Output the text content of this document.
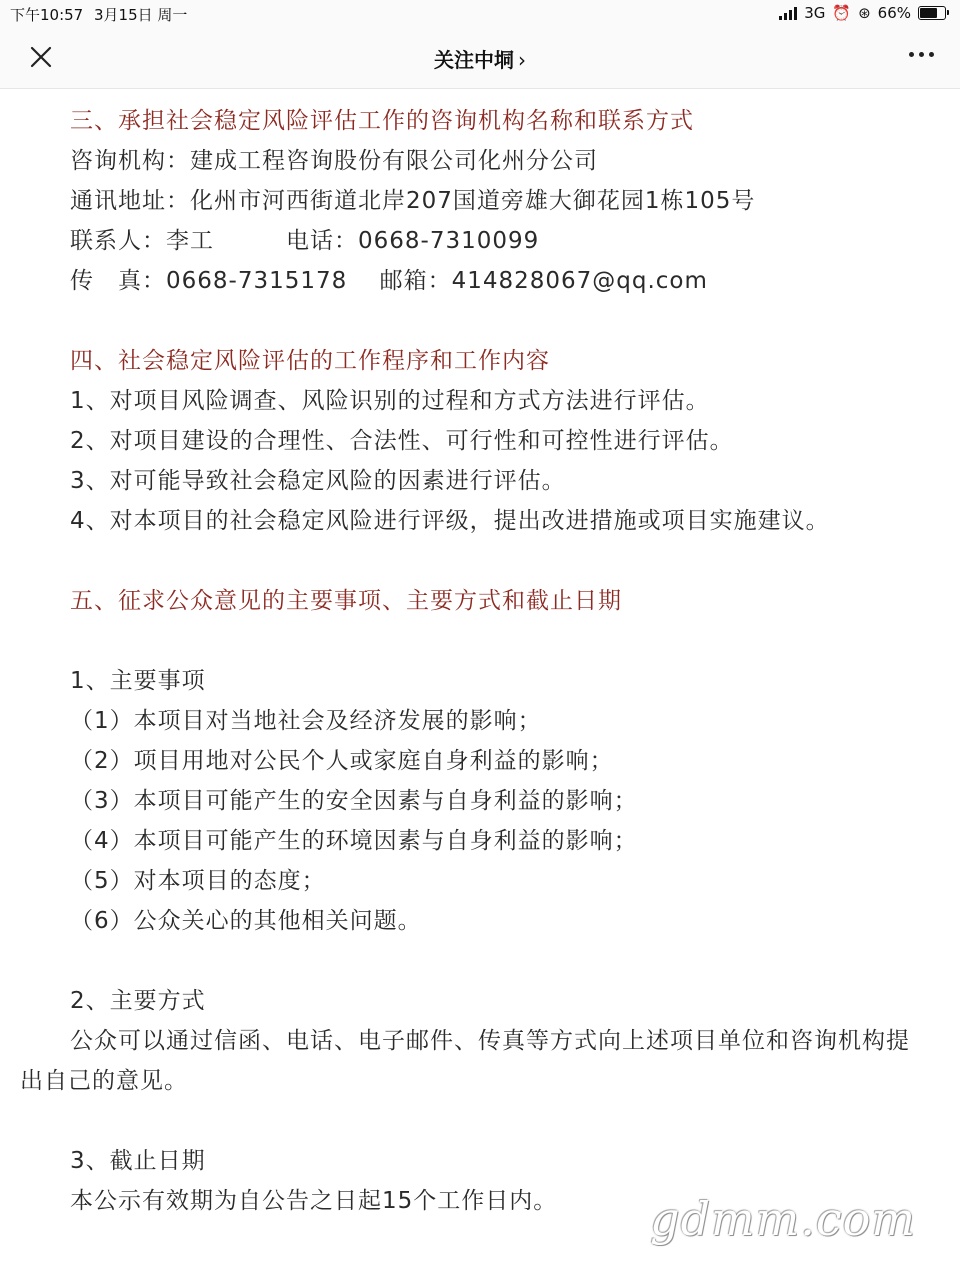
下午10:57 3月15日 周一	3G ⏰ ⊛ 66%
关注中垌 ›
三、承担社会稳定风险评估工作的咨询机构名称和联系方式
咨询机构：建成工程咨询股份有限公司化州分公司
通讯地址：化州市河西街道北岸207国道旁雄大御花园1栋105号
联系人：李工　　　电话：0668-7310099
传　真：0668-7315178　 邮箱：414828067@qq.com
四、社会稳定风险评估的工作程序和工作内容
1、对项目风险调查、风险识别的过程和方式方法进行评估。
2、对项目建设的合理性、合法性、可行性和可控性进行评估。
3、对可能导致社会稳定风险的因素进行评估。
4、对本项目的社会稳定风险进行评级，提出改进措施或项目实施建议。
五、征求公众意见的主要事项、主要方式和截止日期
1、主要事项
（1）本项目对当地社会及经济发展的影响；
（2）项目用地对公民个人或家庭自身利益的影响；
（3）本项目可能产生的安全因素与自身利益的影响；
（4）本项目可能产生的环境因素与自身利益的影响；
（5）对本项目的态度；
（6）公众关心的其他相关问题。
2、主要方式
公众可以通过信函、电话、电子邮件、传真等方式向上述项目单位和咨询机构提
出自己的意见。
3、截止日期
本公示有效期为自公告之日起15个工作日内。 gdmm.com
